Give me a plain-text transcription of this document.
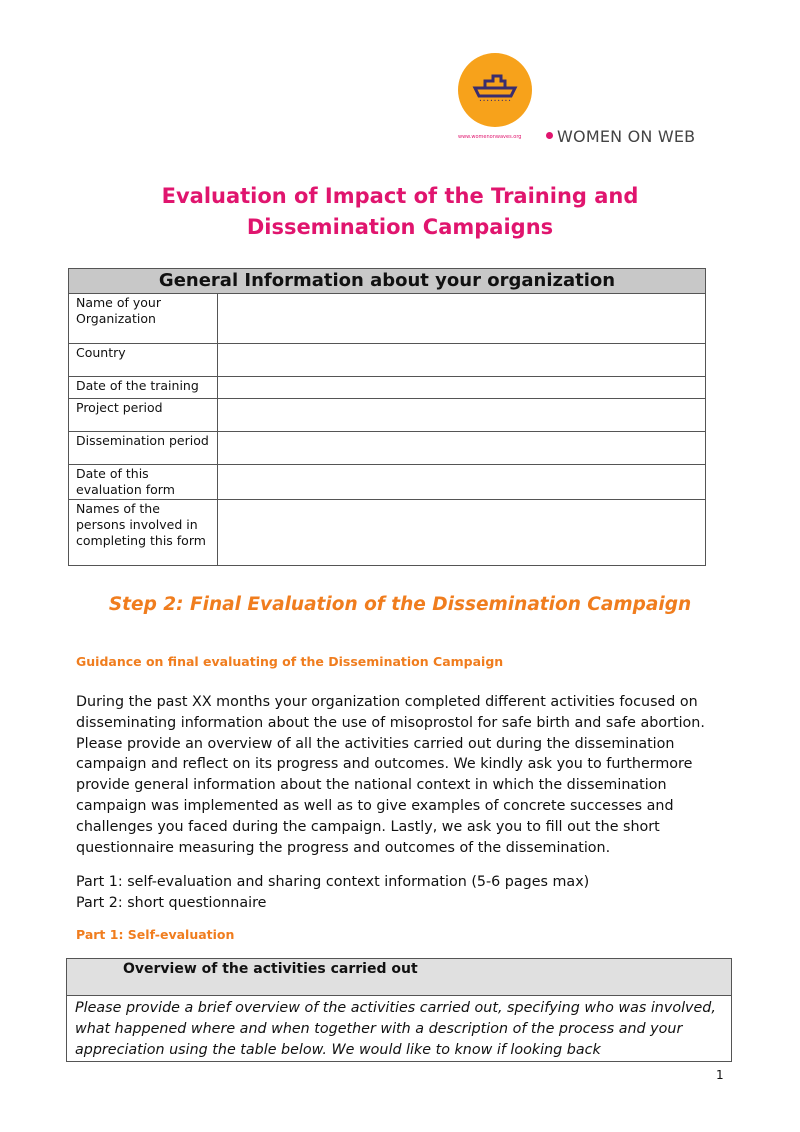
• • • • • • • • •
www.womenonwaves.org	WOMEN ON WEB
Evaluation of Impact of the Training and
Dissemination Campaigns
General Information about your organization	
Name of your Organization	
Country	
Date of the training	
Project period	
Dissemination period	
Date of this evaluation form	
Names of the persons involved in completing this form	
Step 2: Final Evaluation of the Dissemination Campaign
Guidance on final evaluating of the Dissemination Campaign
During the past XX months your organization completed different activities focused on disseminating information about the use of misoprostol for safe birth and safe abortion. Please provide an overview of all the activities carried out during the dissemination campaign and reflect on its progress and outcomes. We kindly ask you to furthermore provide general information about the national context in which the dissemination campaign was implemented as well as to give examples of concrete successes and challenges you faced during the campaign. Lastly, we ask you to fill out the short questionnaire measuring the progress and outcomes of the dissemination.
Part 1: self-evaluation and sharing context information (5-6 pages max)
Part 2: short questionnaire
Part 1: Self-evaluation
Overview of the activities carried out
Please provide a brief overview of the activities carried out, specifying who was involved, what happened where and when together with a description of the process and your appreciation using the table below. We would like to know if looking back
1
